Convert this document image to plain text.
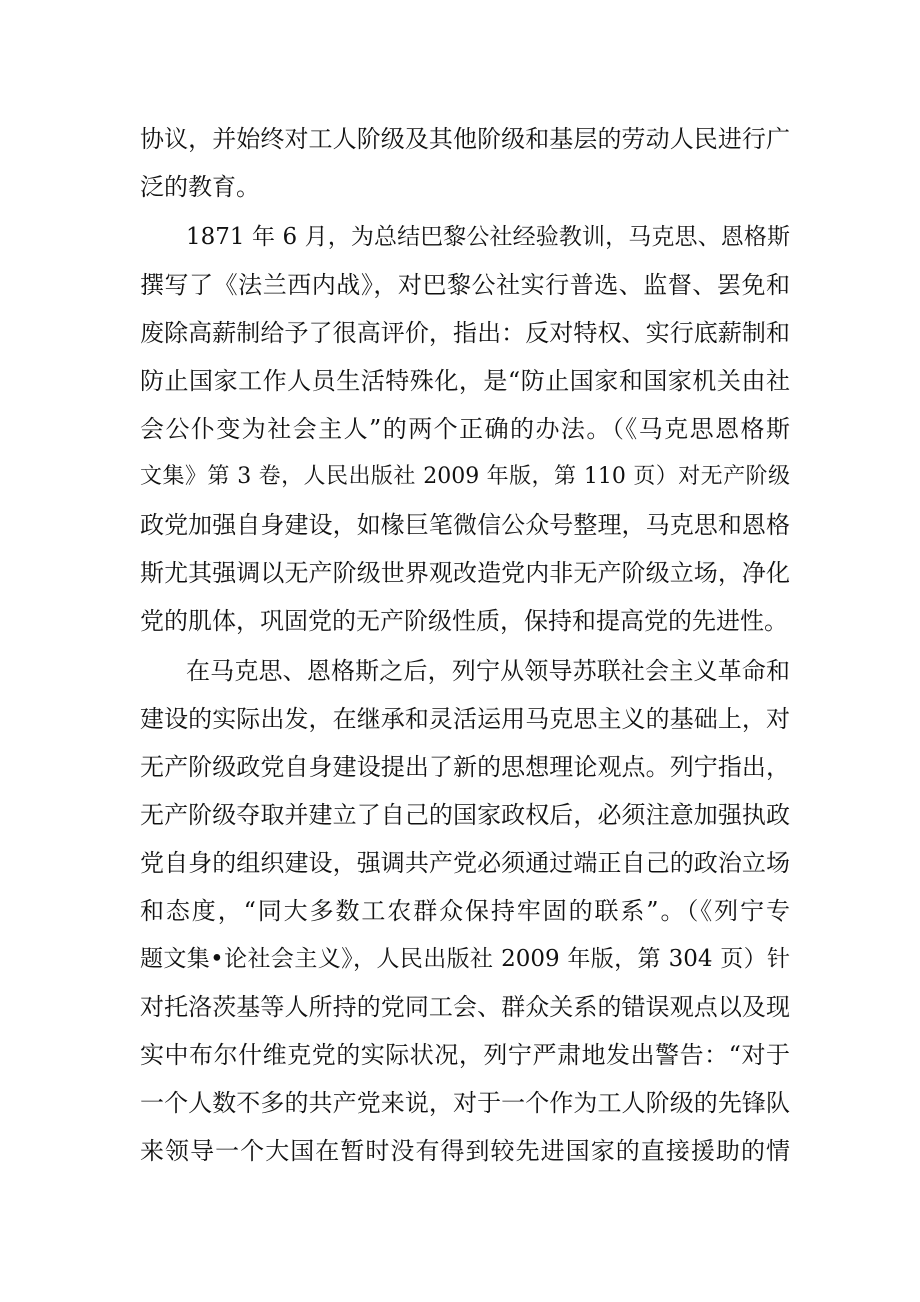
协议，并始终对工人阶级及其他阶级和基层的劳动人民进行广
泛的教育。
1871 年 6 月，为总结巴黎公社经验教训，马克思、恩格斯
撰写了《法兰西内战》，对巴黎公社实行普选、监督、罢免和
废除高薪制给予了很高评价，指出：反对特权、实行底薪制和
防止国家工作人员生活特殊化，是“防止国家和国家机关由社
会公仆变为社会主人”的两个正确的办法。（《马克思恩格斯
文集》第 3 卷，人民出版社 2009 年版，第 110 页）对无产阶级
政党加强自身建设，如椽巨笔微信公众号整理，马克思和恩格
斯尤其强调以无产阶级世界观改造党内非无产阶级立场，净化
党的肌体，巩固党的无产阶级性质，保持和提高党的先进性。
在马克思、恩格斯之后，列宁从领导苏联社会主义革命和
建设的实际出发，在继承和灵活运用马克思主义的基础上，对
无产阶级政党自身建设提出了新的思想理论观点。列宁指出，
无产阶级夺取并建立了自己的国家政权后，必须注意加强执政
党自身的组织建设，强调共产党必须通过端正自己的政治立场
和态度，“同大多数工农群众保持牢固的联系”。（《列宁专
题文集•论社会主义》，人民出版社 2009 年版，第 304 页）针
对托洛茨基等人所持的党同工会、群众关系的错误观点以及现
实中布尔什维克党的实际状况，列宁严肃地发出警告：“对于
一个人数不多的共产党来说，对于一个作为工人阶级的先锋队
来领导一个大国在暂时没有得到较先进国家的直接援助的情
